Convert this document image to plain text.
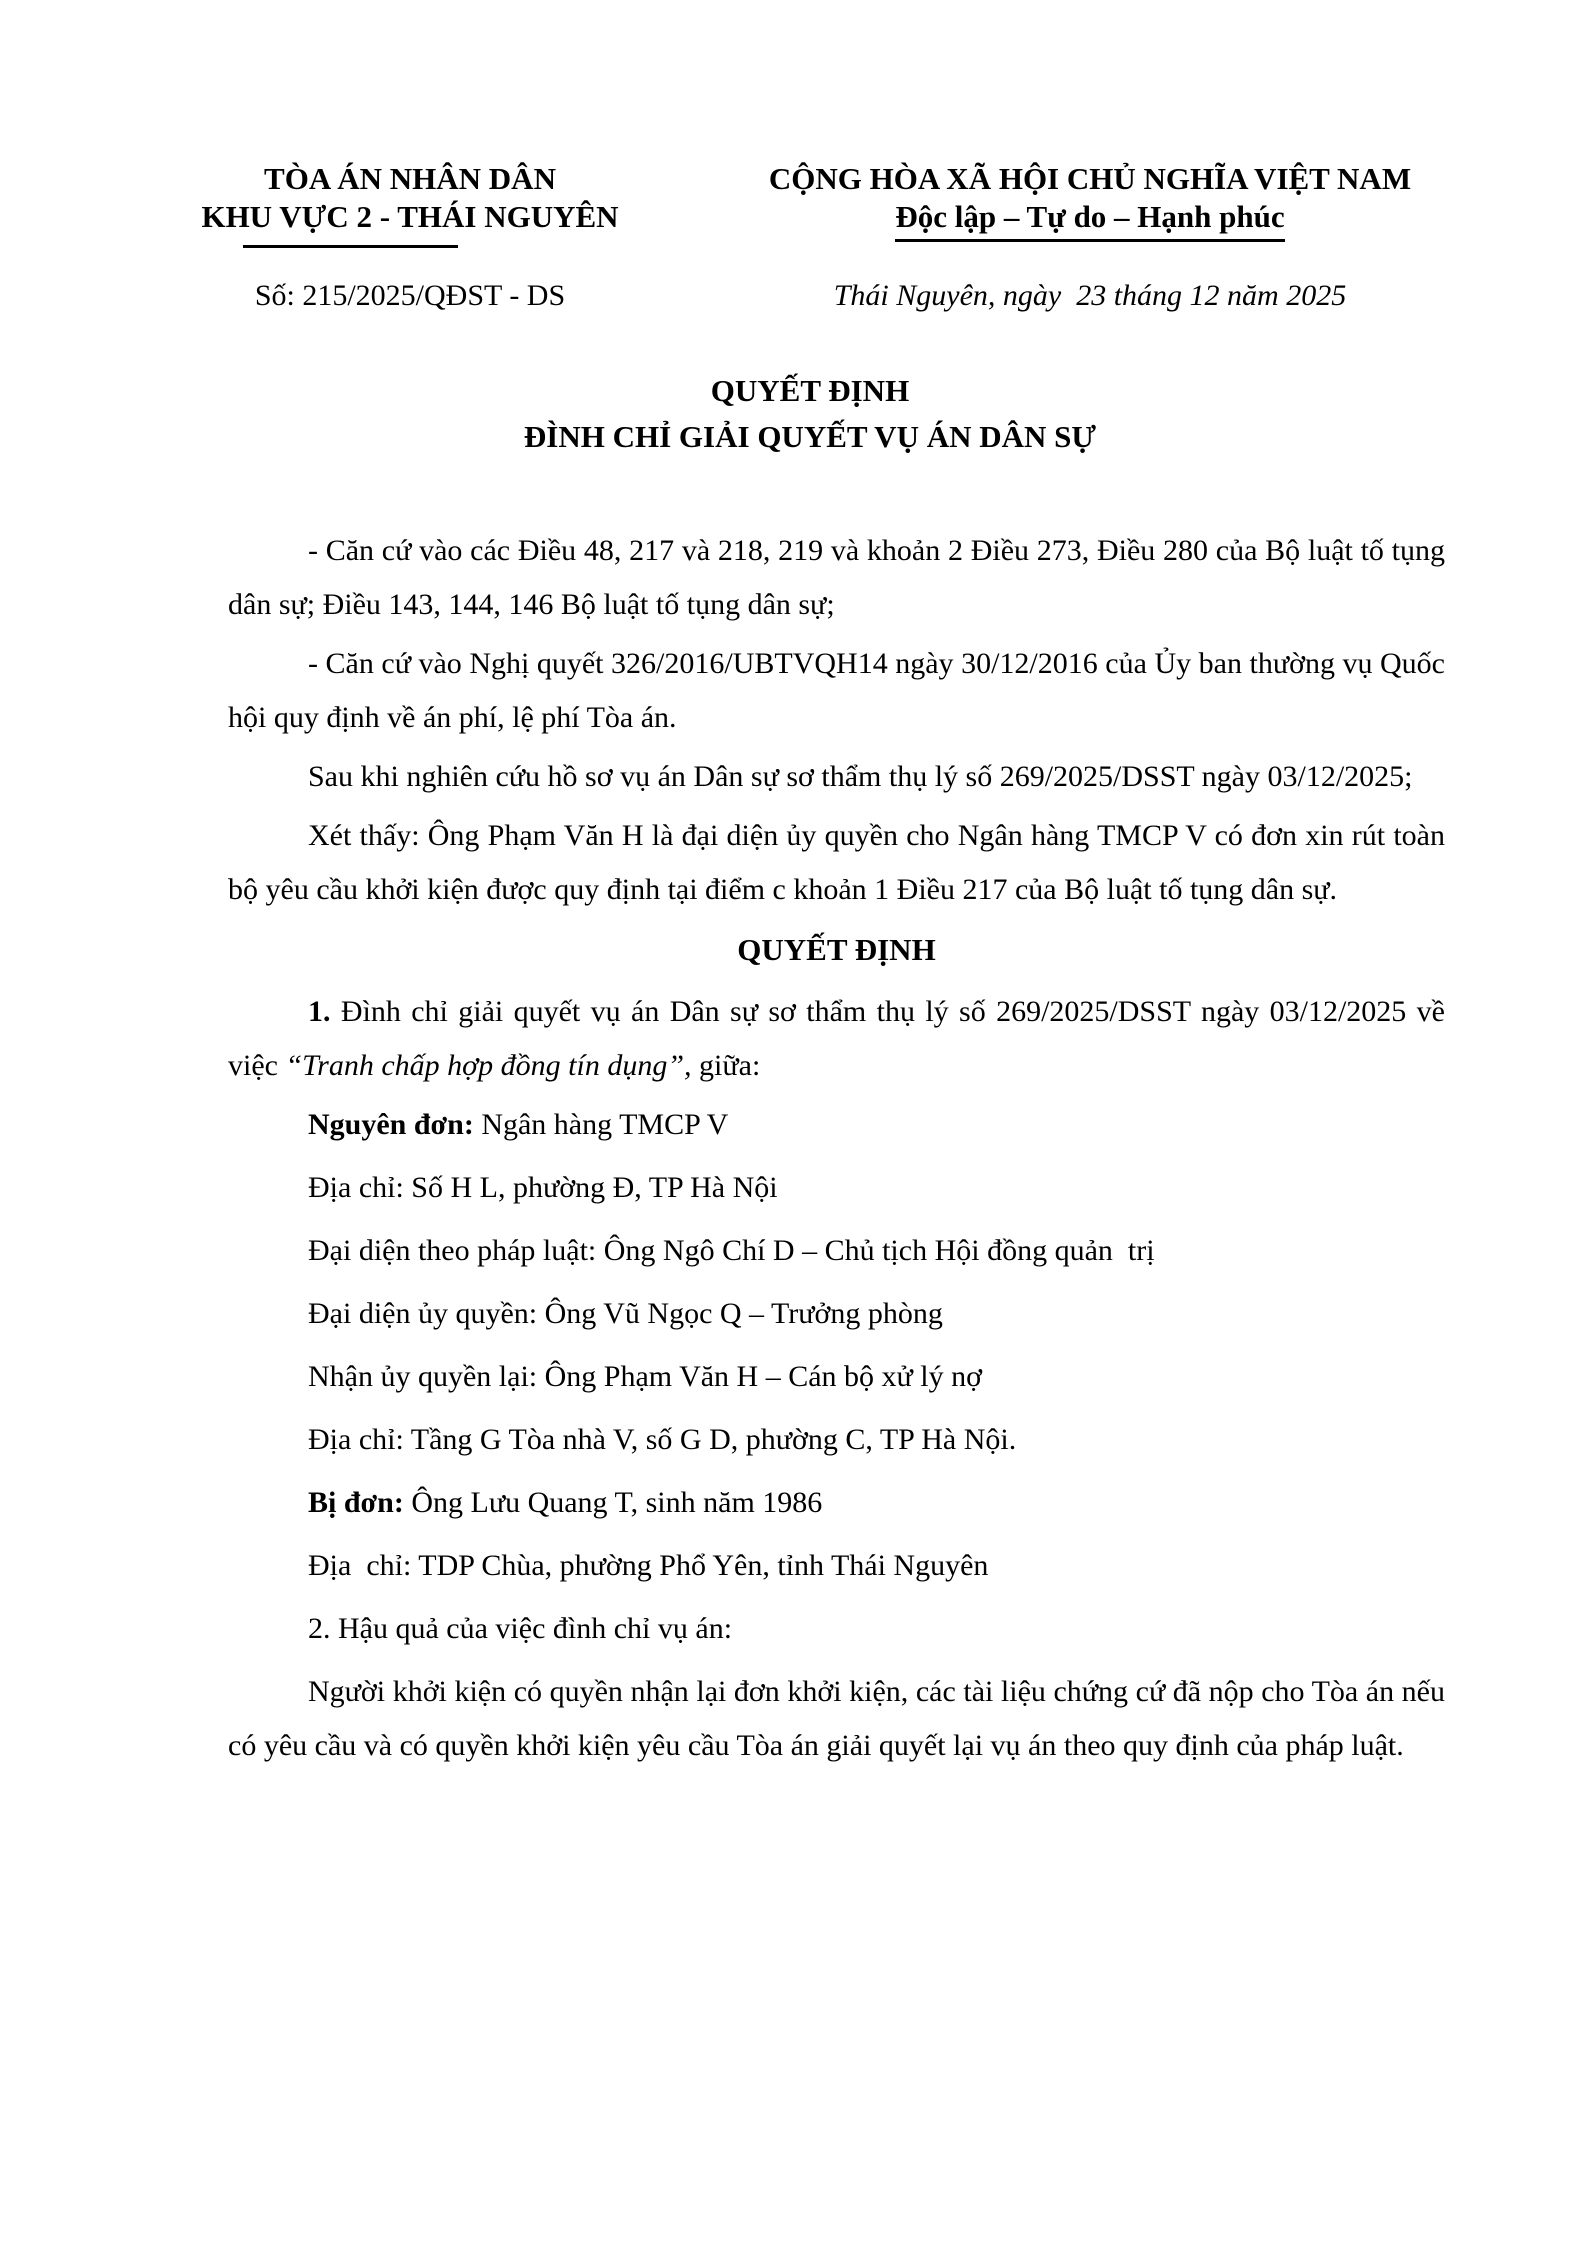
TÒA ÁN NHÂN DÂN
KHU VỰC 2 - THÁI NGUYÊN
CỘNG HÒA XÃ HỘI CHỦ NGHĨA VIỆT NAM
Độc lập – Tự do – Hạnh phúc
Số: 215/2025/QĐST - DS	Thái Nguyên, ngày  23 tháng 12 năm 2025
QUYẾT ĐỊNH
ĐÌNH CHỈ GIẢI QUYẾT VỤ ÁN DÂN SỰ

- Căn cứ vào các Điều 48, 217 và 218, 219 và khoản 2 Điều 273, Điều 280 của Bộ luật tố tụng dân sự; Điều 143, 144, 146 Bộ luật tố tụng dân sự;

- Căn cứ vào Nghị quyết 326/2016/UBTVQH14 ngày 30/12/2016 của Ủy ban thường vụ Quốc hội quy định về án phí, lệ phí Tòa án.

Sau khi nghiên cứu hồ sơ vụ án Dân sự sơ thẩm thụ lý số 269/2025/DSST ngày 03/12/2025;

Xét thấy: Ông Phạm Văn H là đại diện ủy quyền cho Ngân hàng TMCP V có đơn xin rút toàn bộ yêu cầu khởi kiện được quy định tại điểm c khoản 1 Điều 217 của Bộ luật tố tụng dân sự.

QUYẾT ĐỊNH

1. Đình chỉ giải quyết vụ án Dân sự sơ thẩm thụ lý số 269/2025/DSST ngày 03/12/2025 về việc “Tranh chấp hợp đồng tín dụng”, giữa:

Nguyên đơn: Ngân hàng TMCP V

Địa chỉ: Số H L, phường Đ, TP Hà Nội

Đại diện theo pháp luật: Ông Ngô Chí D – Chủ tịch Hội đồng quản  trị

Đại diện ủy quyền: Ông Vũ Ngọc Q – Trưởng phòng

Nhận ủy quyền lại: Ông Phạm Văn H – Cán bộ xử lý nợ

Địa chỉ: Tầng G Tòa nhà V, số G D, phường C, TP Hà Nội.

Bị đơn: Ông Lưu Quang T, sinh năm 1986

Địa  chỉ: TDP Chùa, phường Phổ Yên, tỉnh Thái Nguyên

2. Hậu quả của việc đình chỉ vụ án:

Người khởi kiện có quyền nhận lại đơn khởi kiện, các tài liệu chứng cứ đã nộp cho Tòa án nếu có yêu cầu và có quyền khởi kiện yêu cầu Tòa án giải quyết lại vụ án theo quy định của pháp luật.
